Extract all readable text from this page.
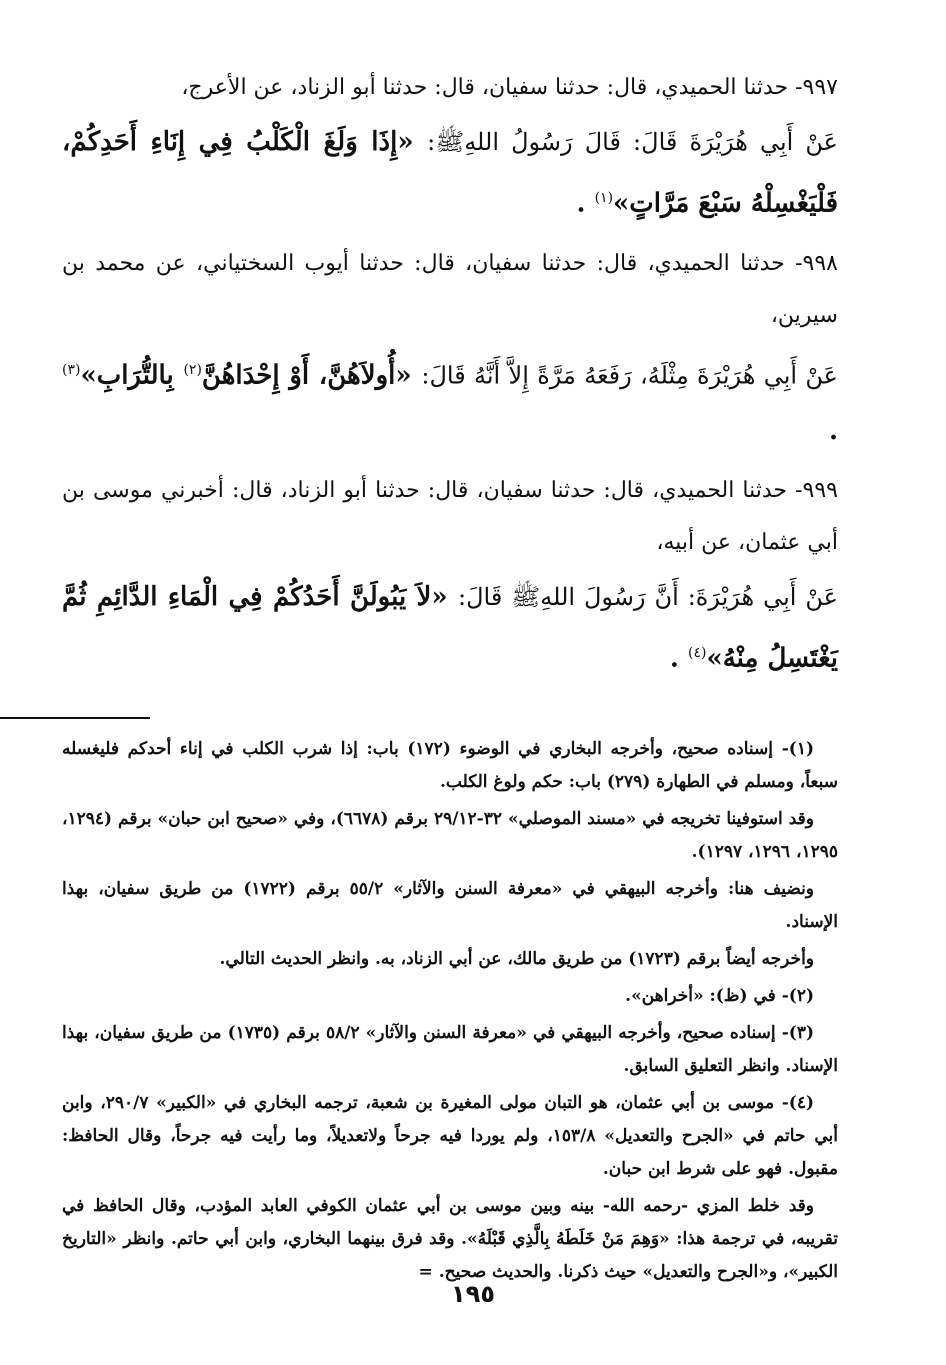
٩٩٧- حدثنا الحميدي، قال: حدثنا سفيان، قال: حدثنا أبو الزناد، عن الأعرج،
عَنْ أَبِي هُرَيْرَةَ قَالَ: قَالَ رَسُولُ اللهِﷺ: «إِذَا وَلَغَ الْكَلْبُ فِي إِنَاءِ أَحَدِكُمْ، فَلْيَغْسِلْهُ سَبْعَ مَرَّاتٍ»$^{(١)}$ .
٩٩٨- حدثنا الحميدي، قال: حدثنا سفيان، قال: حدثنا أيوب السختياني، عن محمد بن سيرين،
عَنْ أَبِي هُرَيْرَةَ مِثْلَهُ، رَفَعَهُ مَرَّةً إِلاَّ أَنَّهُ قَالَ: «أُولاَهُنَّ، أَوْ إِحْدَاهُنَّ$^{(٢)}$ بِالتُّرَابِ»$^{(٣)}$ .
٩٩٩- حدثنا الحميدي، قال: حدثنا سفيان، قال: حدثنا أبو الزناد، قال: أخبرني موسى بن أبي عثمان، عن أبيه،
عَنْ أَبِي هُرَيْرَةَ: أَنَّ رَسُولَ اللهِﷺ قَالَ: «لاَ يَبُولَنَّ أَحَدُكُمْ فِي الْمَاءِ الدَّائِمِ ثُمَّ يَغْتَسِلُ مِنْهُ»$^{(٤)}$ .

(١)- إسناده صحيح، وأخرجه البخاري في الوضوء (١٧٢) باب: إذا شرب الكلب في إناء أحدكم فليغسله سبعاً، ومسلم في الطهارة (٢٧٩) باب: حكم ولوغ الكلب.

وقد استوفينا تخريجه في «مسند الموصلي» ٣٢-٢٩/١٢ برقم (٦٦٧٨)، وفي «صحيح ابن حبان» برقم (١٢٩٤، ١٢٩٥، ١٢٩٦، ١٢٩٧).

ونضيف هنا: وأخرجه البيهقي في «معرفة السنن والآثار» ٥٥/٢ برقم (١٧٢٢) من طريق سفيان، بهذا الإسناد.

وأخرجه أيضاً برقم (١٧٢٣) من طريق مالك، عن أبي الزناد، به. وانظر الحديث التالي.

(٢)- في (ظ): «أخراهن».

(٣)- إسناده صحيح، وأخرجه البيهقي في «معرفة السنن والآثار» ٥٨/٢ برقم (١٧٣٥) من طريق سفيان، بهذا الإسناد. وانظر التعليق السابق.

(٤)- موسى بن أبي عثمان، هو التبان مولى المغيرة بن شعبة، ترجمه البخاري في «الكبير» ٢٩٠/٧، وابن أبي حاتم في «الجرح والتعديل» ١٥٣/٨، ولم يوردا فيه جرحاً ولاتعديلاً، وما رأيت فيه جرحاً، وقال الحافظ: مقبول. فهو على شرط ابن حبان.

وقد خلط المزي -رحمه الله- بينه وبين موسى بن أبي عثمان الكوفي العابد المؤدب، وقال الحافظ في تقريبه، في ترجمة هذا: «وَهِمَ مَنْ خَلَطَهُ بِالَّذِي قَبْلَهُ». وقد فرق بينهما البخاري، وابن أبي حاتم. وانظر «التاريخ الكبير»، و«الجرح والتعديل» حيث ذكرنا. والحديث صحيح. =

١٩٥
